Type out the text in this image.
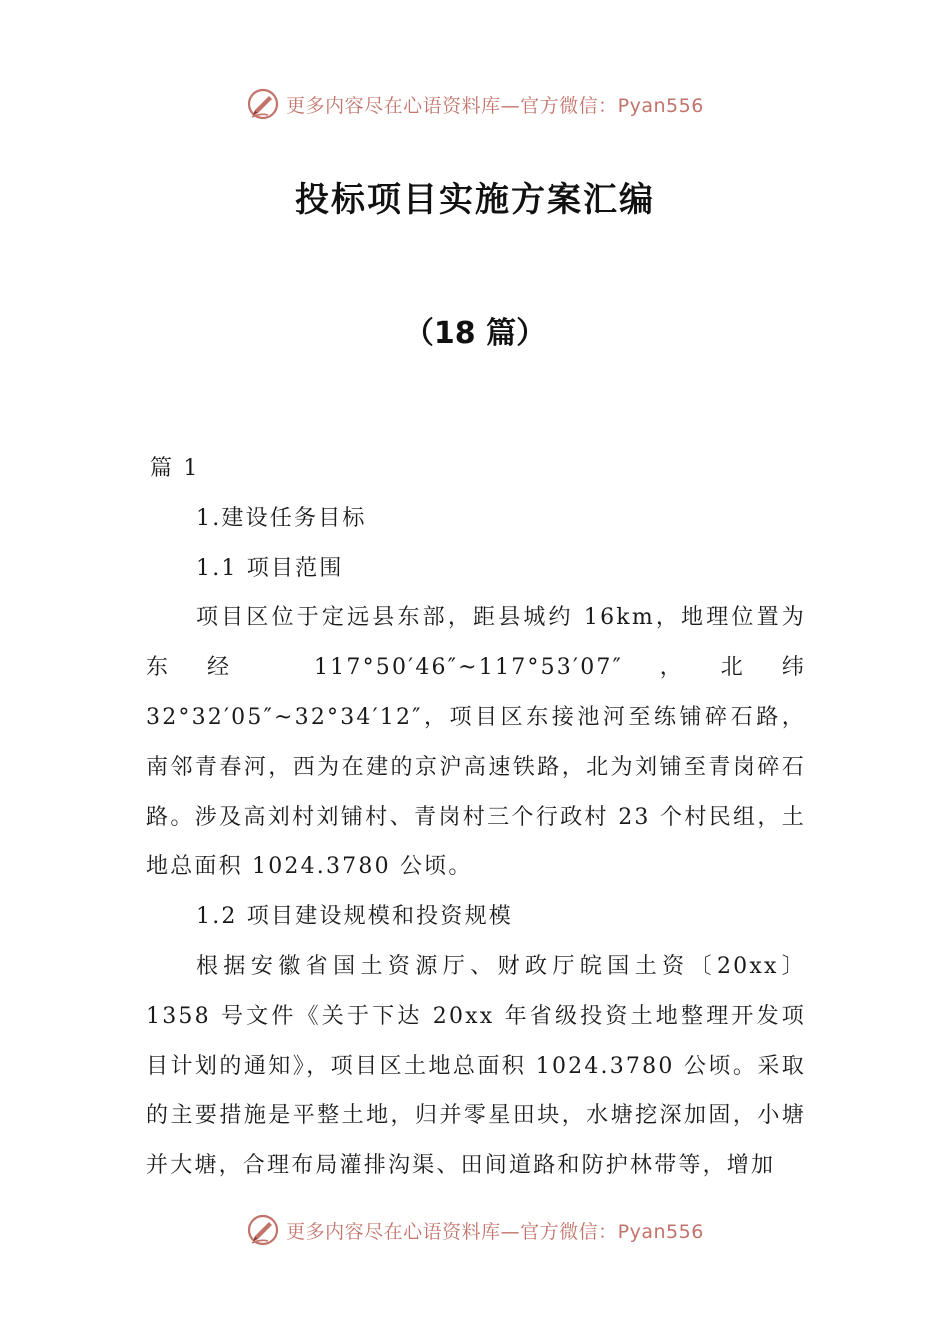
更多内容尽在心语资料库—官方微信：Pyan556
投标项目实施方案汇编
（18 篇）

篇 1

1.建设任务目标

1.1 项目范围

项目区位于定远县东部，距县城约 16km，地理位置为东经 117°50′46″~117°53′07″，北纬 32°32′05″~32°34′12″，项目区东接池河至练铺碎石路，南邻青春河，西为在建的京沪高速铁路，北为刘铺至青岗碎石路。涉及高刘村刘铺村、青岗村三个行政村 23 个村民组，土地总面积 1024.3780 公顷。

1.2 项目建设规模和投资规模

根据安徽省国土资源厅、财政厅皖国土资〔20xx〕1358 号文件《关于下达 20xx 年省级投资土地整理开发项目计划的通知》，项目区土地总面积 1024.3780 公顷。采取的主要措施是平整土地，归并零星田块，水塘挖深加固，小塘并大塘，合理布局灌排沟渠、田间道路和防护林带等，增加

更多内容尽在心语资料库—官方微信：Pyan556
